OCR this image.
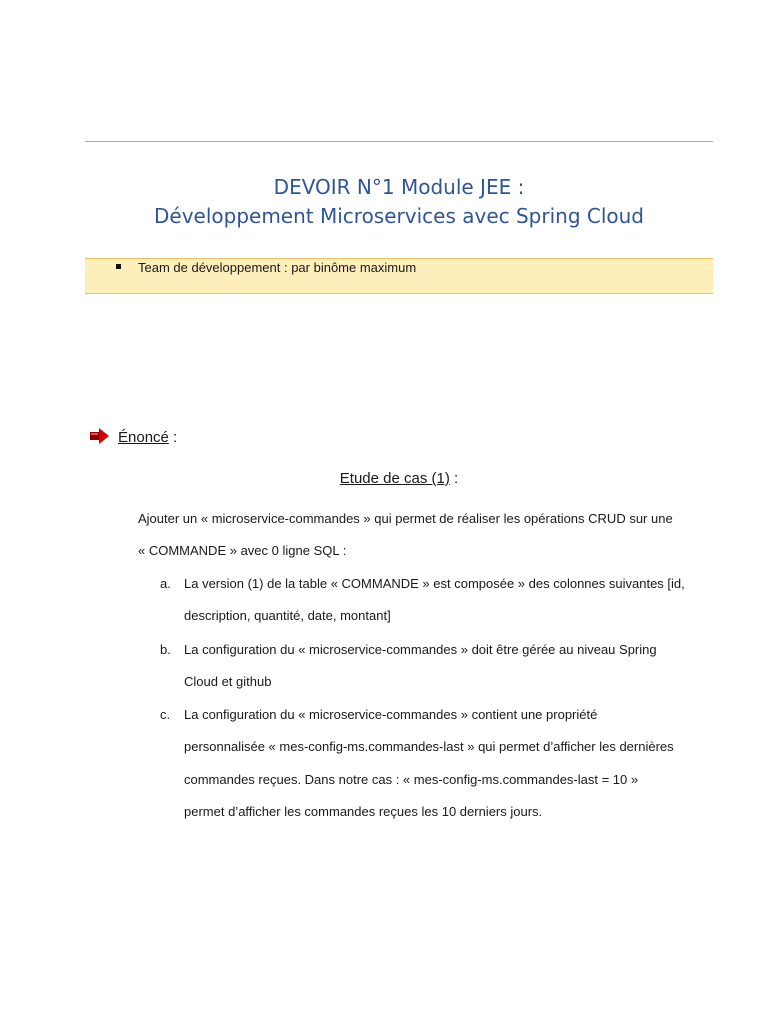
DEVOIR N°1 Module JEE :
Développement Microservices avec Spring Cloud
Team de développement : par binôme maximum
Énoncé :
Etude de cas (1) :
Ajouter un « microservice-commandes » qui permet de réaliser les opérations CRUD sur une
« COMMANDE » avec 0 ligne SQL :
a. La version (1) de la table « COMMANDE » est composée » des colonnes suivantes [id,
description, quantité, date, montant]
b. La configuration du « microservice-commandes » doit être gérée au niveau Spring
Cloud et github
c. La configuration du « microservice-commandes » contient une propriété
personnalisée « mes-config-ms.commandes-last » qui permet d’afficher les dernières
commandes reçues. Dans notre cas : « mes-config-ms.commandes-last = 10 »
permet d’afficher les commandes reçues les 10 derniers jours.
